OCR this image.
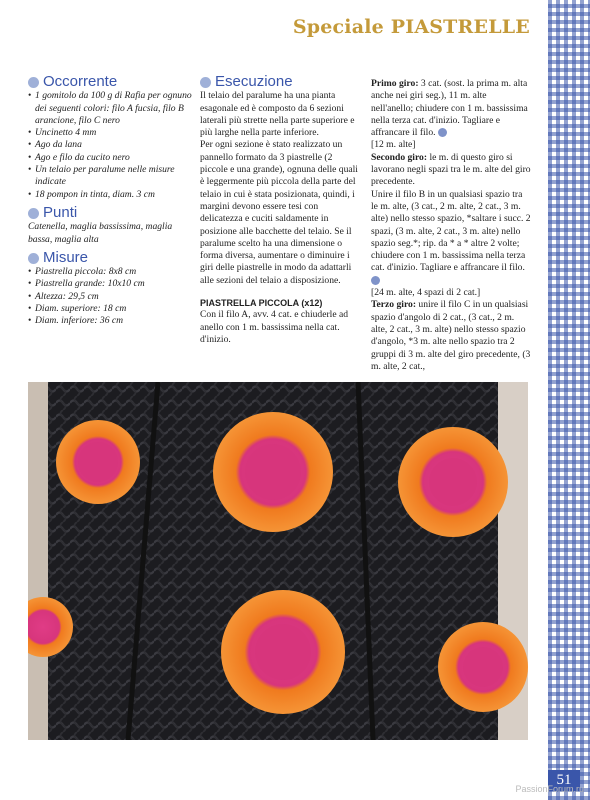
Speciale PIASTRELLE
Occorrente
• 1 gomitolo da 100 g di Rafia per ognuno dei seguenti colori: filo A fucsia, filo B arancione, filo C nero
• Uncinetto 4 mm
• Ago da lana
• Ago e filo da cucito nero
• Un telaio per paralume nelle misure indicate
• 18 pompon in tinta, diam. 3 cm
Punti

Catenella, maglia bassissima, maglia bassa, maglia alta

Misure
• Piastrella piccola: 8x8 cm
• Piastrella grande: 10x10 cm
• Altezza: 29,5 cm
• Diam. superiore: 18 cm
• Diam. inferiore: 36 cm
Esecuzione

Il telaio del paralume ha una pianta esagonale ed è composto da 6 sezioni laterali più strette nella parte superiore e più larghe nella parte inferiore.

Per ogni sezione è stato realizzato un pannello formato da 3 piastrelle (2 piccole e una grande), ognuna delle quali è leggermente più piccola della parte del telaio in cui è stata posizionata, quindi, i margini devono essere tesi con delicatezza e cuciti saldamente in posizione alle bacchette del telaio. Se il paralume scelto ha una dimensione o forma diversa, aumentare o diminuire i giri delle piastrelle in modo da adattarli alle sezioni del telaio a disposizione.

PIASTRELLA PICCOLA (x12)

Con il filo A, avv. 4 cat. e chiuderle ad anello con 1 m. bassissima nella cat. d'inizio.

Primo giro: 3 cat. (sost. la prima m. alta anche nei giri seg.), 11 m. alte nell'anello; chiudere con 1 m. bassissima nella terza cat. d'inizio. Tagliare e affrancare il filo.

[12 m. alte]

Secondo giro: le m. di questo giro si lavorano negli spazi tra le m. alte del giro precedente.

Unire il filo B in un qualsiasi spazio tra le m. alte, (3 cat., 2 m. alte, 2 cat., 3 m. alte) nello stesso spazio, *saltare i succ. 2 spazi, (3 m. alte, 2 cat., 3 m. alte) nello spazio seg.*; rip. da * a * altre 2 volte; chiudere con 1 m. bassissima nella terza cat. d'inizio. Tagliare e affrancare il filo.

[24 m. alte, 4 spazi di 2 cat.]

Terzo giro: unire il filo C in un qualsiasi spazio d'angolo di 2 cat., (3 cat., 2 m. alte, 2 cat., 3 m. alte) nello stesso spazio d'angolo, *3 m. alte nello spazio tra 2 gruppi di 3 m. alte del giro precedente, (3 m. alte, 2 cat.,

51
PassionForum.ru
